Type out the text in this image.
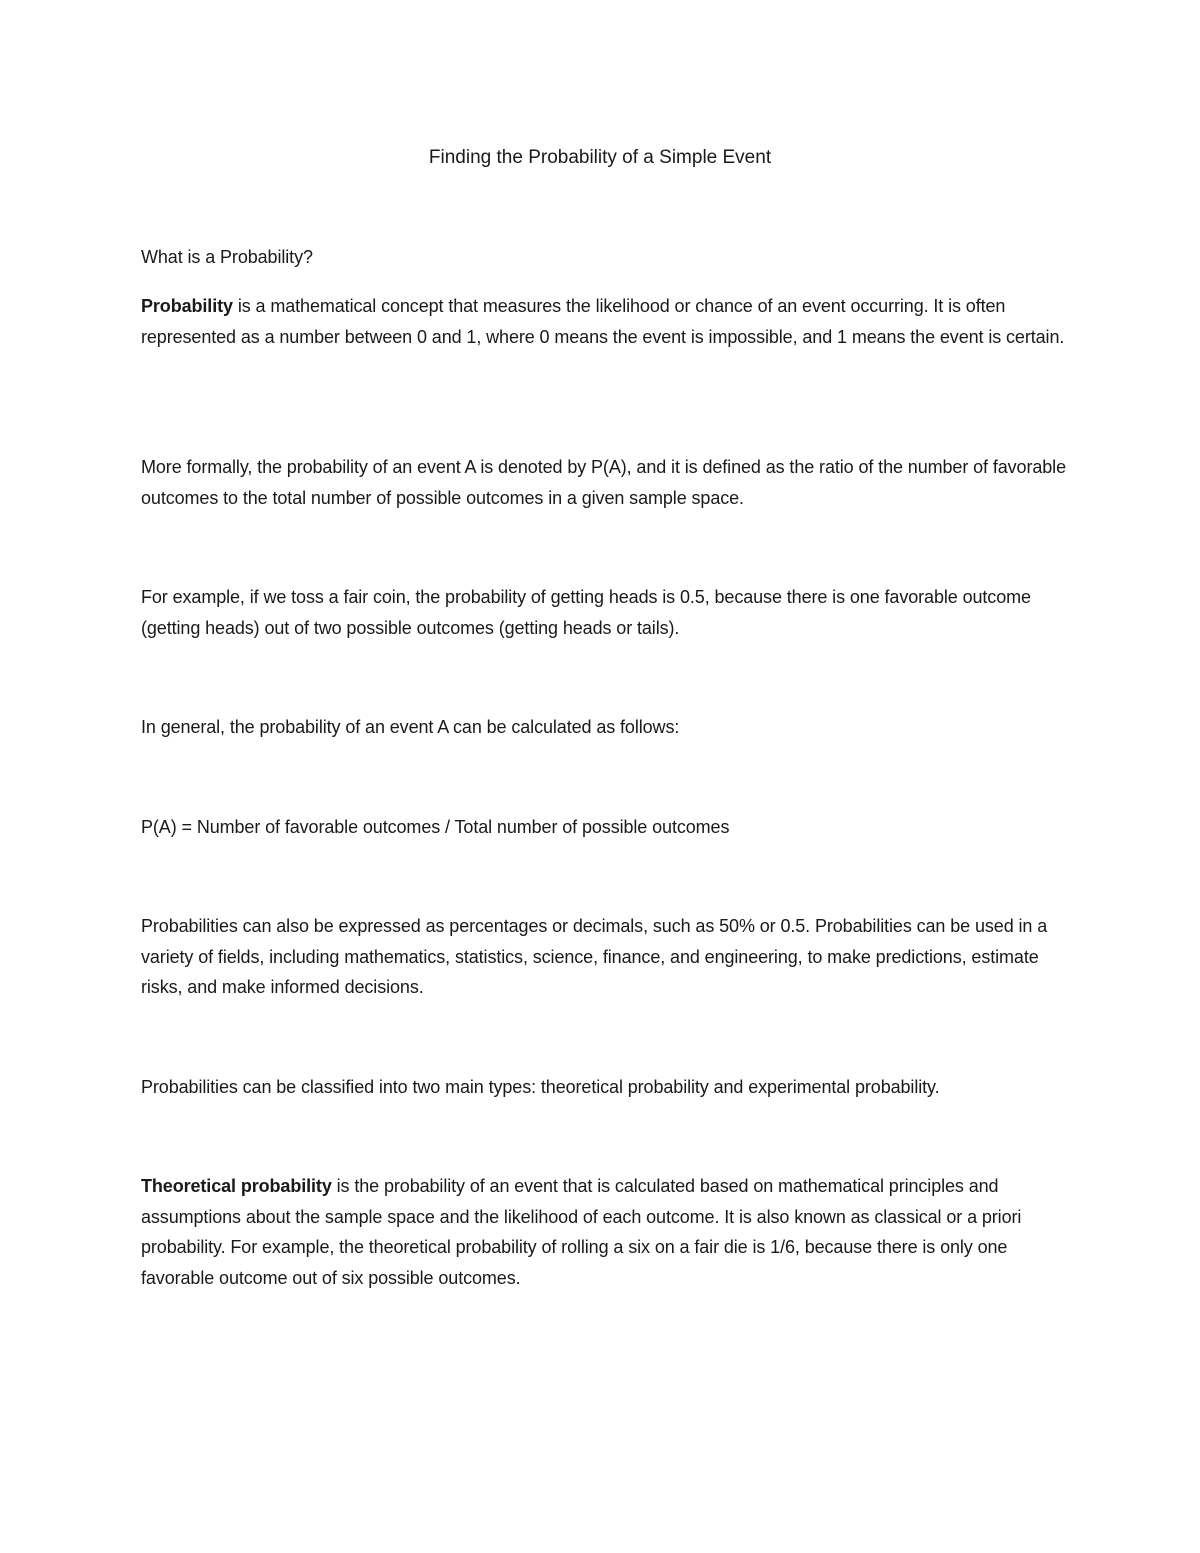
Finding the Probability of a Simple Event

What is a Probability?

Probability is a mathematical concept that measures the likelihood or chance of an event occurring. It is often represented as a number between 0 and 1, where 0 means the event is impossible, and 1 means the event is certain.

More formally, the probability of an event A is denoted by P(A), and it is defined as the ratio of the number of favorable outcomes to the total number of possible outcomes in a given sample space.

For example, if we toss a fair coin, the probability of getting heads is 0.5, because there is one favorable outcome (getting heads) out of two possible outcomes (getting heads or tails).

In general, the probability of an event A can be calculated as follows:

P(A) = Number of favorable outcomes / Total number of possible outcomes

Probabilities can also be expressed as percentages or decimals, such as 50% or 0.5. Probabilities can be used in a variety of fields, including mathematics, statistics, science, finance, and engineering, to make predictions, estimate risks, and make informed decisions.

Probabilities can be classified into two main types: theoretical probability and experimental probability.

Theoretical probability is the probability of an event that is calculated based on mathematical principles and assumptions about the sample space and the likelihood of each outcome. It is also known as classical or a priori probability. For example, the theoretical probability of rolling a six on a fair die is 1/6, because there is only one favorable outcome out of six possible outcomes.
